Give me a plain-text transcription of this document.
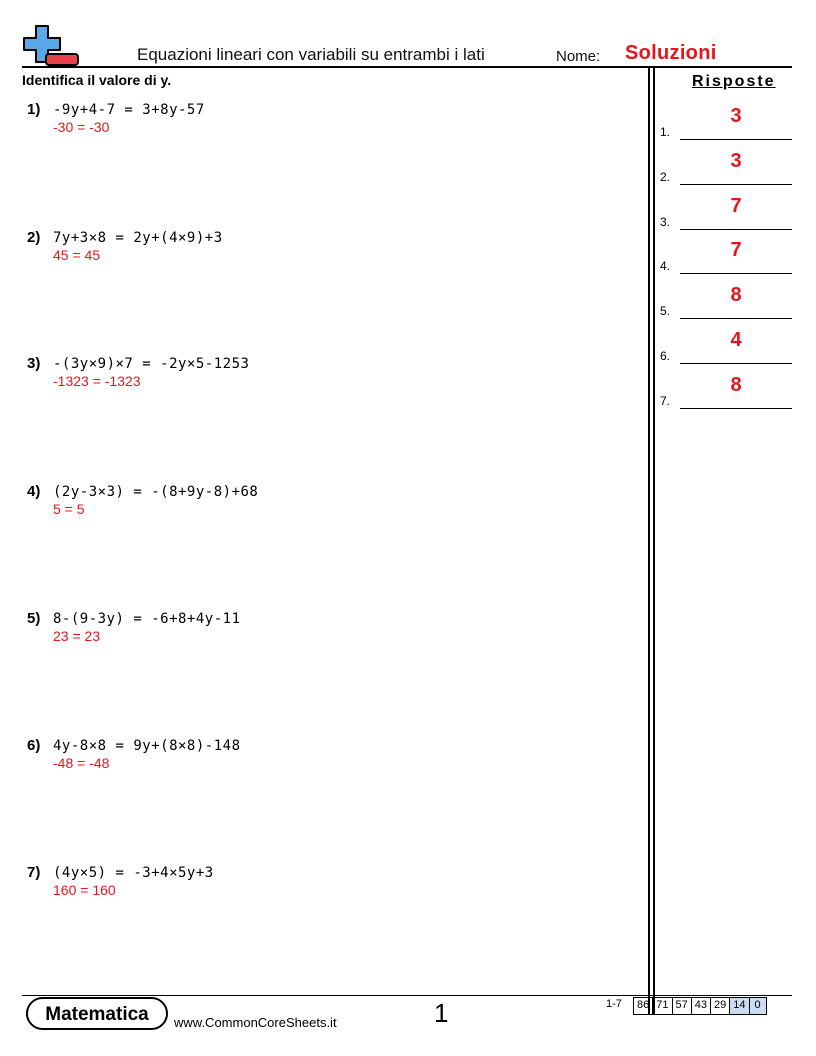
Equazioni lineari con variabili su entrambi i lati	Nome: Soluzioni
Identifica il valore di y.
1) -9y+4-7 = 3+8y-57
-30 = -30
2) 7y+3×8 = 2y+(4×9)+3
45 = 45
3) -(3y×9)×7 = -2y×5-1253
-1323 = -1323
4) (2y-3×3) = -(8+9y-8)+68
5 = 5
5) 8-(9-3y) = -6+8+4y-11
23 = 23
6) 4y-8×8 = 9y+(8×8)-148
-48 = -48
7) (4y×5) = -3+4×5y+3
160 = 160
Risposte
1.
3
2.
3
3.
7
4.
7
5.
8
6.
4
7.
8
Matematica	www.CommonCoreSheets.it	1	1-7 86 71 57 43 29 14 0
